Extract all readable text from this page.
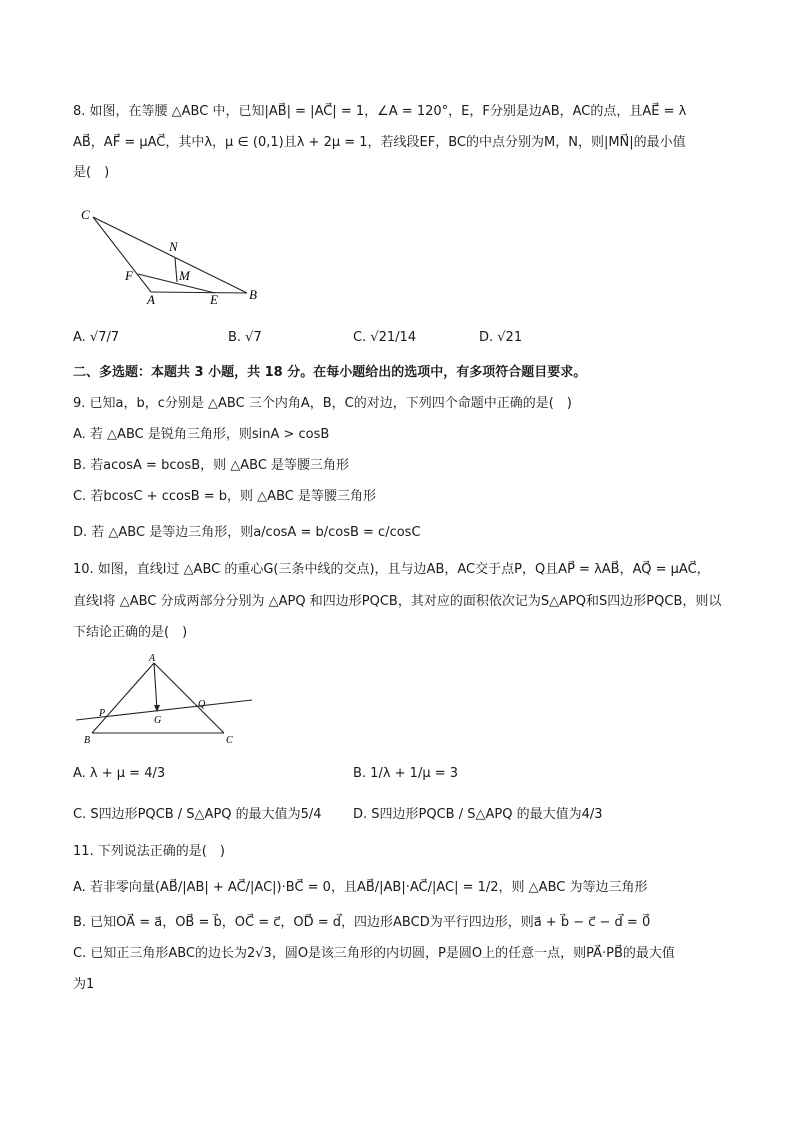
8. 如图，在等腰 △ABC 中，已知|AB⃗| = |AC⃗| = 1，∠A = 120°，E，F分别是边AB，AC的点，且AE⃗ = λ
AB⃗，AF⃗ = μAC⃗，其中λ，μ ∈ (0,1)且λ + 2μ = 1，若线段EF，BC的中点分别为M，N，则|MN⃗|的最小值
是(　)
C
N
M
F
A	E B
A. √7/7	B. √7	C. √21/14	D. √21
二、多选题：本题共 3 小题，共 18 分。在每小题给出的选项中，有多项符合题目要求。
9. 已知a，b，c分别是 △ABC 三个内角A，B，C的对边，下列四个命题中正确的是(　)
A. 若 △ABC 是锐角三角形，则sinA > cosB
B. 若acosA = bcosB，则 △ABC 是等腰三角形
C. 若bcosC + ccosB = b，则 △ABC 是等腰三角形
D. 若 △ABC 是等边三角形，则a/cosA = b/cosB = c/cosC
10. 如图，直线l过 △ABC 的重心G(三条中线的交点)，且与边AB，AC交于点P，Q且AP⃗ = λAB⃗，AQ⃗ = μAC⃗，
直线l将 △ABC 分成两部分分别为 △APQ 和四边形PQCB，其对应的面积依次记为S△APQ和S四边形PQCB，则以
下结论正确的是(　)
A
P
Q
G
B	C
A. λ + μ = 4/3	B. 1/λ + 1/μ = 3
C. S四边形PQCB / S△APQ 的最大值为5/4 D. S四边形PQCB / S△APQ 的最大值为4/3
11. 下列说法正确的是(　)
A. 若非零向量(AB⃗/|AB| + AC⃗/|AC|)·BC⃗ = 0，且AB⃗/|AB|·AC⃗/|AC| = 1/2，则 △ABC 为等边三角形
B. 已知OA⃗ = a⃗，OB⃗ = b⃗，OC⃗ = c⃗，OD⃗ = d⃗，四边形ABCD为平行四边形，则a⃗ + b⃗ − c⃗ − d⃗ = 0⃗
C. 已知正三角形ABC的边长为2√3，圆O是该三角形的内切圆，P是圆O上的任意一点，则PA⃗·PB⃗的最大值
为1
